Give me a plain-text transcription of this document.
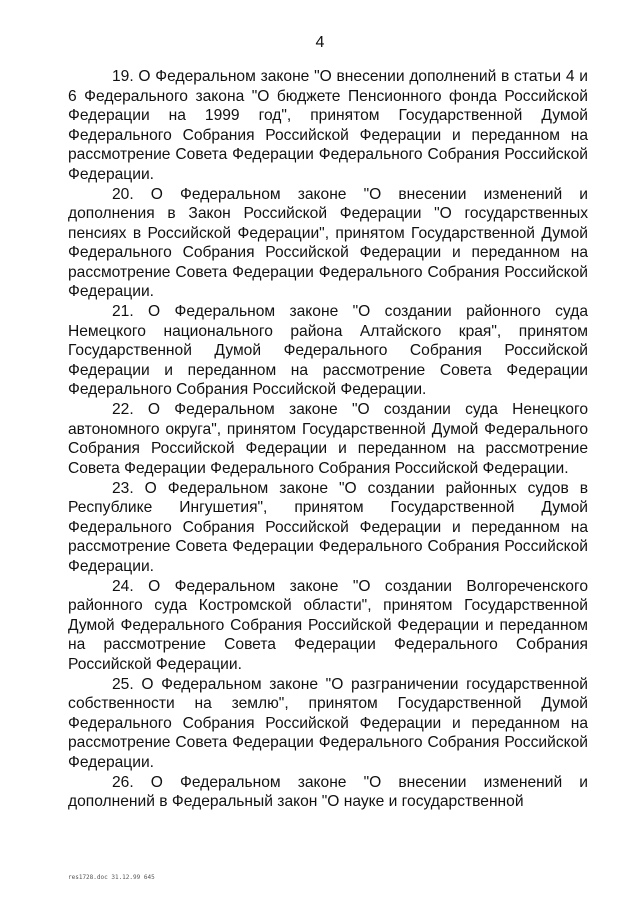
4

19. О Федеральном законе "О внесении дополнений в статьи 4 и 6 Федерального закона "О бюджете Пенсионного фонда Российской Федерации на 1999 год", принятом Государственной Думой Федерального Собрания Российской Федерации и переданном на рассмотрение Совета Федерации Федерального Собрания Российской Федерации.

20. О Федеральном законе "О внесении изменений и дополнения в Закон Российской Федерации "О государственных пенсиях в Российской Федерации", принятом Государственной Думой Федерального Собрания Российской Федерации и переданном на рассмотрение Совета Федерации Федерального Собрания Российской Федерации.

21. О Федеральном законе "О создании районного суда Немецкого национального района Алтайского края", принятом Государственной Думой Федерального Собрания Российской Федерации и переданном на рассмотрение Совета Федерации Федерального Собрания Российской Федерации.

22. О Федеральном законе "О создании суда Ненецкого автономного округа", принятом Государственной Думой Федерального Собрания Российской Федерации и переданном на рассмотрение Совета Федерации Федерального Собрания Российской Федерации.

23. О Федеральном законе "О создании районных судов в Республике Ингушетия", принятом Государственной Думой Федерального Собрания Российской Федерации и переданном на рассмотрение Совета Федерации Федерального Собрания Российской Федерации.

24. О Федеральном законе "О создании Волгореченского районного суда Костромской области", принятом Государственной Думой Федерального Собрания Российской Федерации и переданном на рассмотрение Совета Федерации Федерального Собрания Российской Федерации.

25. О Федеральном законе "О разграничении государственной собственности на землю", принятом Государственной Думой Федерального Собрания Российской Федерации и переданном на рассмотрение Совета Федерации Федерального Собрания Российской Федерации.

26. О Федеральном законе "О внесении изменений и дополнений в Федеральный закон "О науке и государственной

res1728.doc 31.12.99 645
